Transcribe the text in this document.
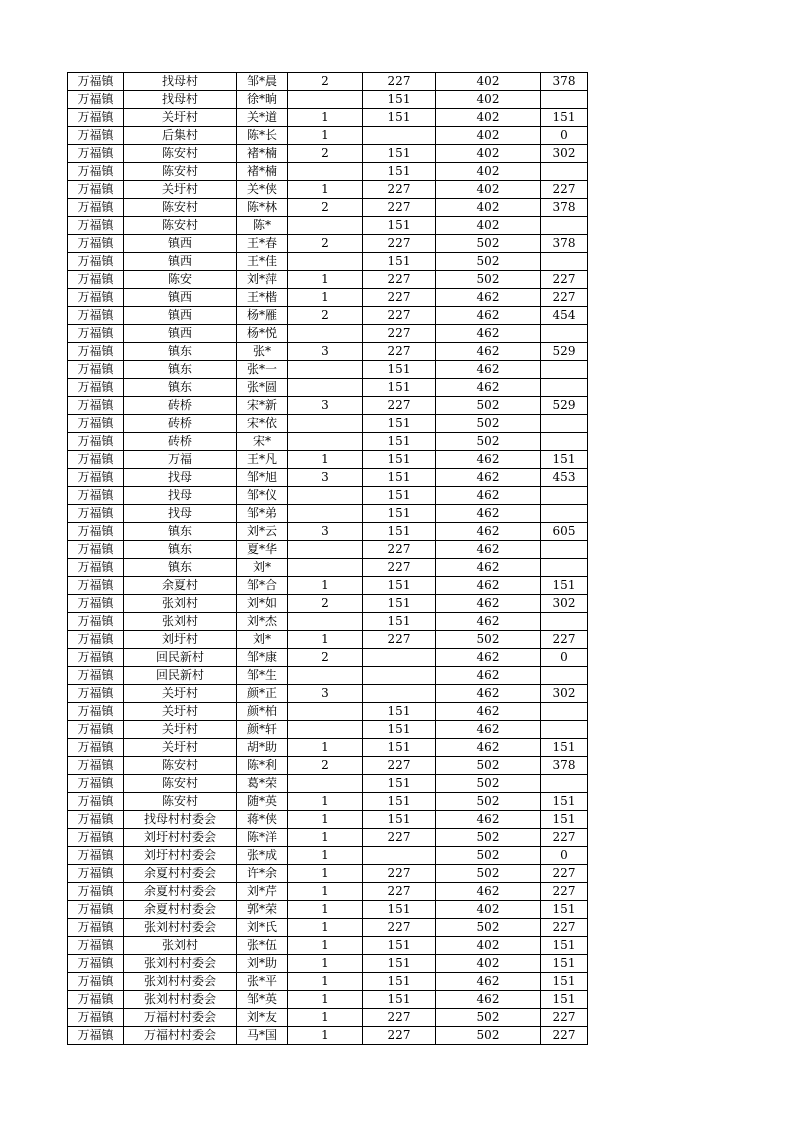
万福镇	找母村	邹*晨	2	227	402	378
万福镇	找母村	徐*晌		151	402	
万福镇	关圩村	关*道	1	151	402	151
万福镇	后集村	陈*长	1		402	0
万福镇	陈安村	褚*楠	2	151	402	302
万福镇	陈安村	褚*楠		151	402	
万福镇	关圩村	关*侠	1	227	402	227
万福镇	陈安村	陈*林	2	227	402	378
万福镇	陈安村	陈*		151	402	
万福镇	镇西	王*春	2	227	502	378
万福镇	镇西	王*佳		151	502	
万福镇	陈安	刘*萍	1	227	502	227
万福镇	镇西	王*楷	1	227	462	227
万福镇	镇西	杨*雁	2	227	462	454
万福镇	镇西	杨*悦		227	462	
万福镇	镇东	张*	3	227	462	529
万福镇	镇东	张*一		151	462	
万福镇	镇东	张*圆		151	462	
万福镇	砖桥	宋*新	3	227	502	529
万福镇	砖桥	宋*依		151	502	
万福镇	砖桥	宋*		151	502	
万福镇	万福	王*凡	1	151	462	151
万福镇	找母	邹*旭	3	151	462	453
万福镇	找母	邹*仪		151	462	
万福镇	找母	邹*弟		151	462	
万福镇	镇东	刘*云	3	151	462	605
万福镇	镇东	夏*华		227	462	
万福镇	镇东	刘*		227	462	
万福镇	余夏村	邹*合	1	151	462	151
万福镇	张刘村	刘*如	2	151	462	302
万福镇	张刘村	刘*杰		151	462	
万福镇	刘圩村	刘*	1	227	502	227
万福镇	回民新村	邹*康	2		462	0
万福镇	回民新村	邹*生			462	
万福镇	关圩村	颜*正	3		462	302
万福镇	关圩村	颜*柏		151	462	
万福镇	关圩村	颜*轩		151	462	
万福镇	关圩村	胡*助	1	151	462	151
万福镇	陈安村	陈*利	2	227	502	378
万福镇	陈安村	葛*荣		151	502	
万福镇	陈安村	随*英	1	151	502	151
万福镇	找母村村委会	蒋*侠	1	151	462	151
万福镇	刘圩村村委会	陈*洋	1	227	502	227
万福镇	刘圩村村委会	张*成	1		502	0
万福镇	余夏村村委会	许*余	1	227	502	227
万福镇	余夏村村委会	刘*芹	1	227	462	227
万福镇	余夏村村委会	郭*荣	1	151	402	151
万福镇	张刘村村委会	刘*氏	1	227	502	227
万福镇	张刘村	张*伍	1	151	402	151
万福镇	张刘村村委会	刘*助	1	151	402	151
万福镇	张刘村村委会	张*平	1	151	462	151
万福镇	张刘村村委会	邹*英	1	151	462	151
万福镇	万福村村委会	刘*友	1	227	502	227
万福镇	万福村村委会	马*国	1	227	502	227
